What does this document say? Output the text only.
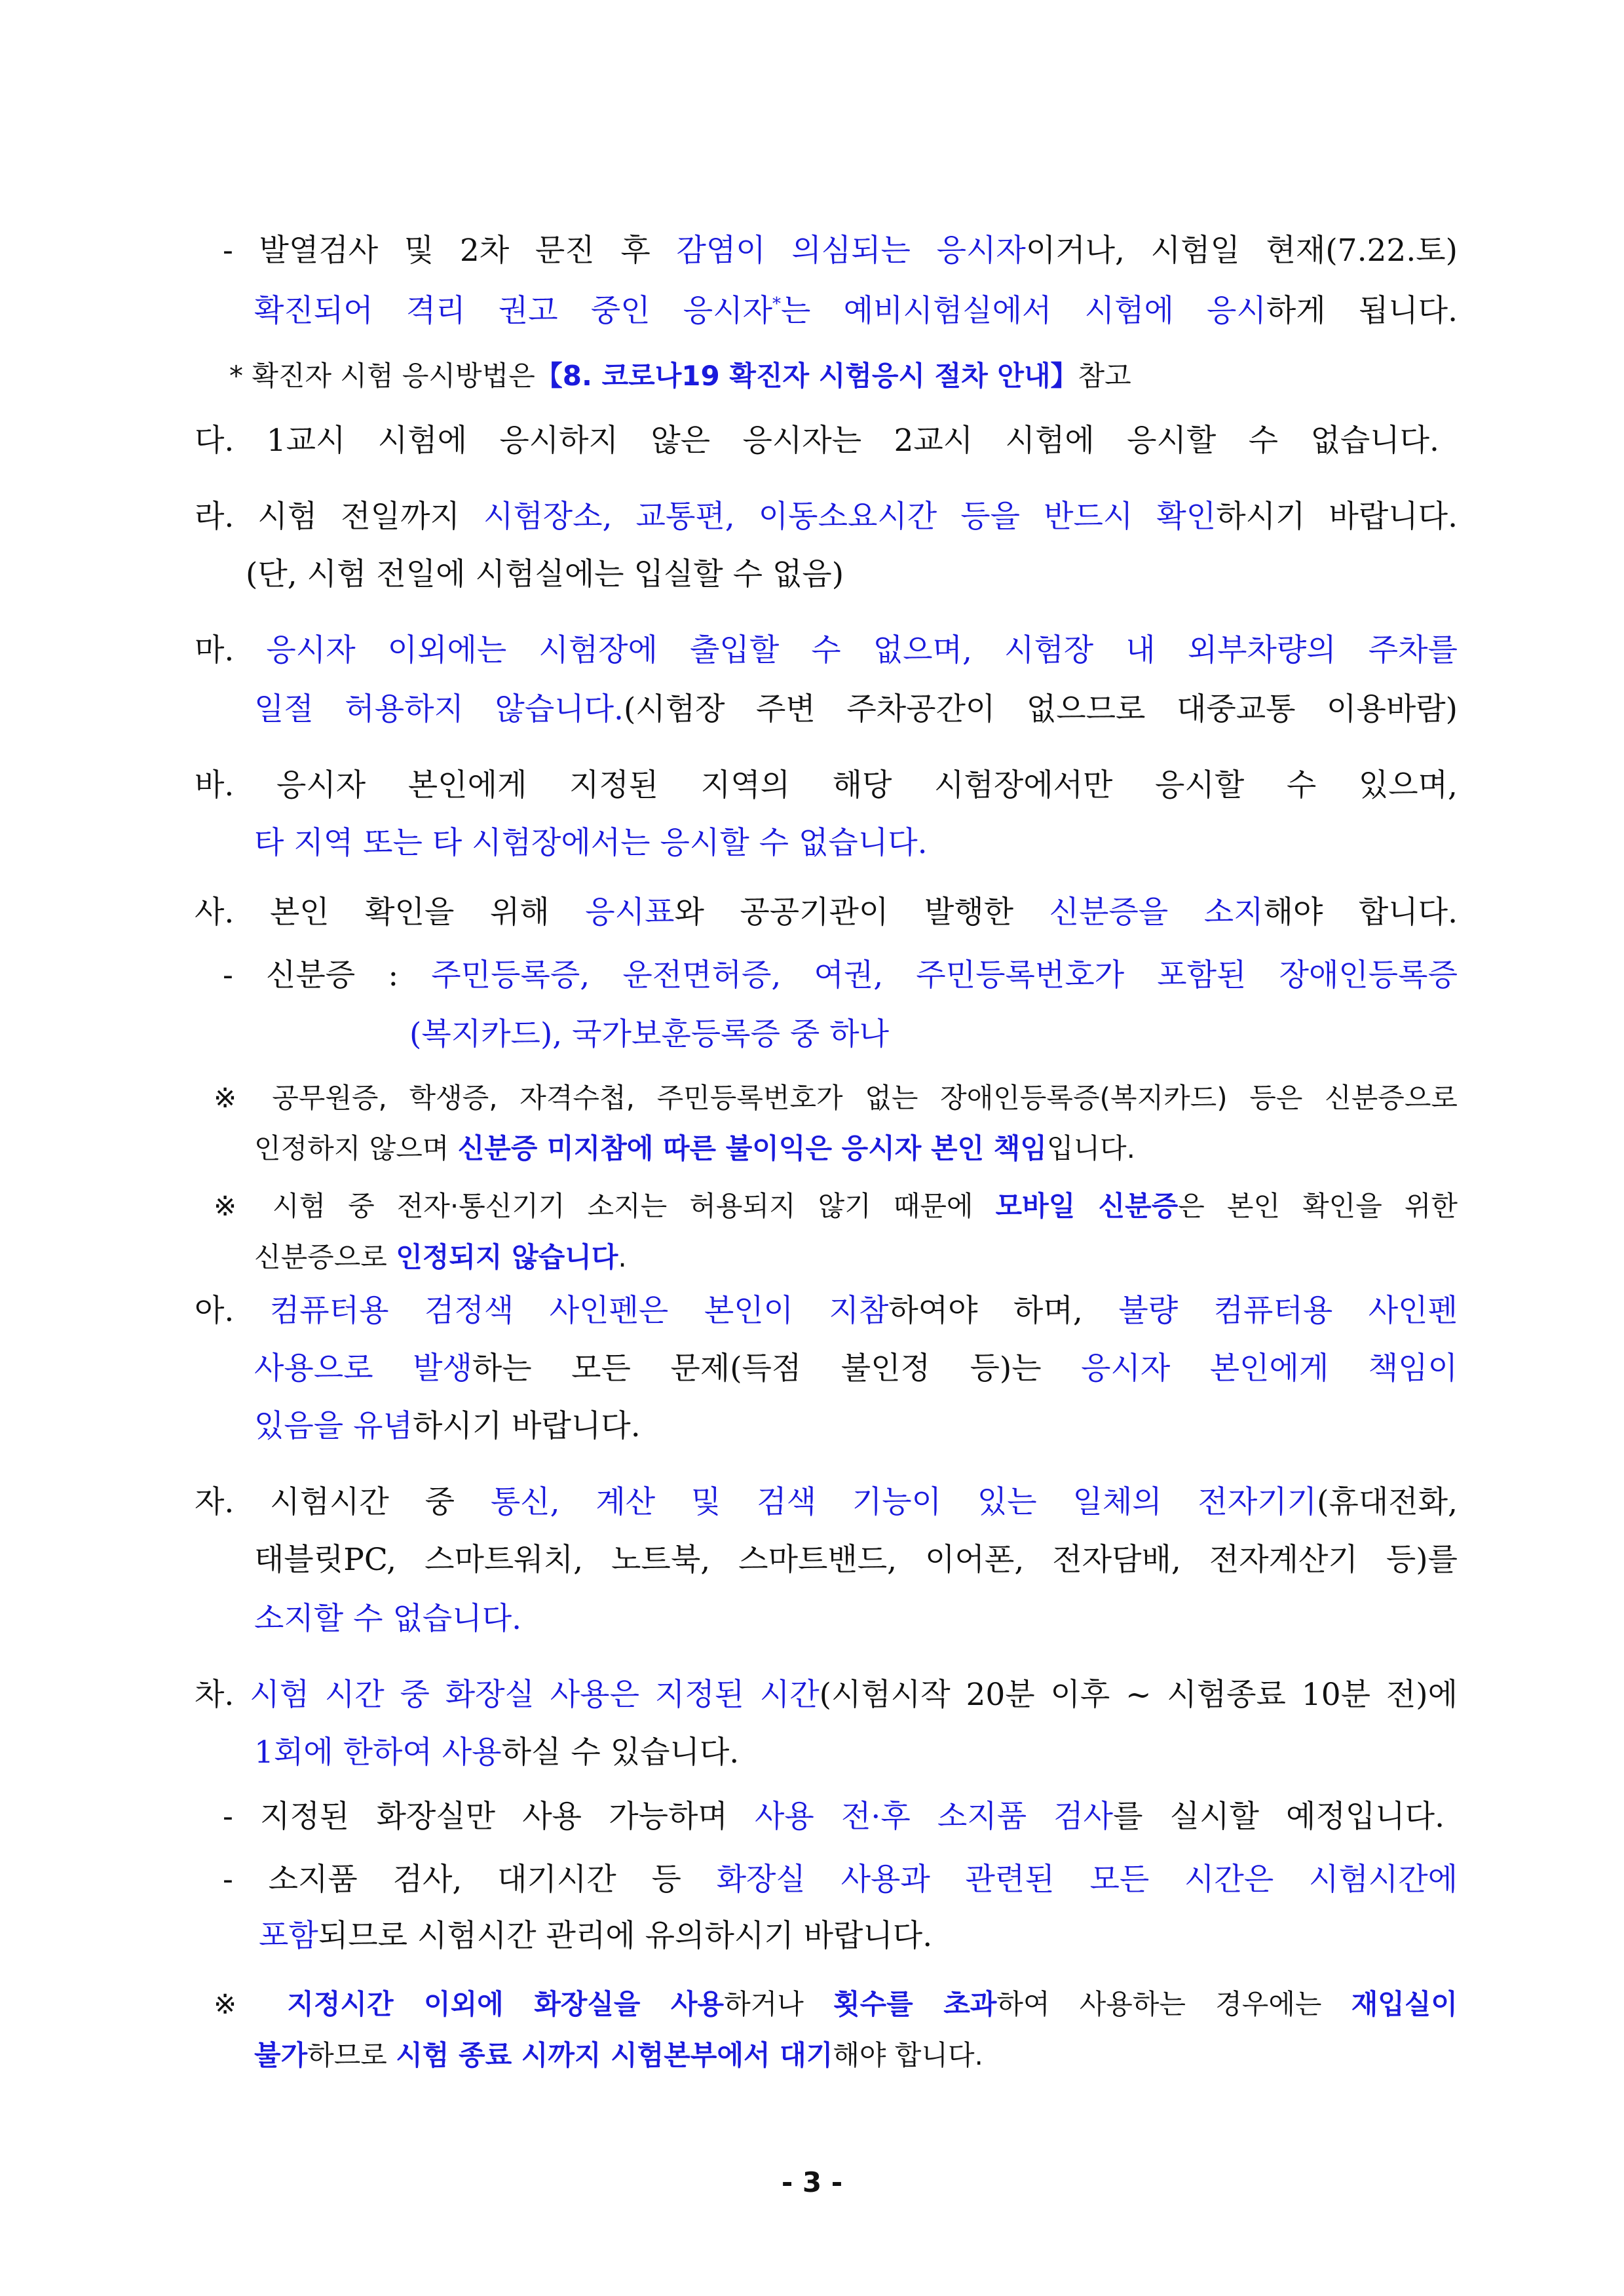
- 발열검사 및 2차 문진 후 감염이 의심되는 응시자이거나, 시험일 현재(7.22.토)
확진되어 격리 권고 중인 응시자*는 예비시험실에서 시험에 응시하게 됩니다.
* 확진자 시험 응시방법은【8. 코로나19 확진자 시험응시 절차 안내】참고
다. 1교시 시험에 응시하지 않은 응시자는 2교시 시험에 응시할 수 없습니다.
라. 시험 전일까지 시험장소, 교통편, 이동소요시간 등을 반드시 확인하시기 바랍니다.
(단, 시험 전일에 시험실에는 입실할 수 없음)
마. 응시자 이외에는 시험장에 출입할 수 없으며, 시험장 내 외부차량의 주차를
일절 허용하지 않습니다.(시험장 주변 주차공간이 없으므로 대중교통 이용바람)
바. 응시자 본인에게 지정된 지역의 해당 시험장에서만 응시할 수 있으며,
타 지역 또는 타 시험장에서는 응시할 수 없습니다.
사. 본인 확인을 위해 응시표와 공공기관이 발행한 신분증을 소지해야 합니다.
- 신분증 : 주민등록증, 운전면허증, 여권, 주민등록번호가 포함된 장애인등록증
(복지카드), 국가보훈등록증 중 하나
※ 공무원증, 학생증, 자격수첩, 주민등록번호가 없는 장애인등록증(복지카드) 등은 신분증으로
인정하지 않으며 신분증 미지참에 따른 불이익은 응시자 본인 책임입니다.
※ 시험 중 전자·통신기기 소지는 허용되지 않기 때문에 모바일 신분증은 본인 확인을 위한
신분증으로 인정되지 않습니다.
아. 컴퓨터용 검정색 사인펜은 본인이 지참하여야 하며, 불량 컴퓨터용 사인펜
사용으로 발생하는 모든 문제(득점 불인정 등)는 응시자 본인에게 책임이
있음을 유념하시기 바랍니다.
자. 시험시간 중 통신, 계산 및 검색 기능이 있는 일체의 전자기기(휴대전화,
태블릿PC, 스마트워치, 노트북, 스마트밴드, 이어폰, 전자담배, 전자계산기 등)를
소지할 수 없습니다.
차. 시험 시간 중 화장실 사용은 지정된 시간(시험시작 20분 이후 ~ 시험종료 10분 전)에
1회에 한하여 사용하실 수 있습니다.
- 지정된 화장실만 사용 가능하며 사용 전·후 소지품 검사를 실시할 예정입니다.
- 소지품 검사, 대기시간 등 화장실 사용과 관련된 모든 시간은 시험시간에
포함되므로 시험시간 관리에 유의하시기 바랍니다.
※ 지정시간 이외에 화장실을 사용하거나 횟수를 초과하여 사용하는 경우에는 재입실이
불가하므로 시험 종료 시까지 시험본부에서 대기해야 합니다.
- 3 -
